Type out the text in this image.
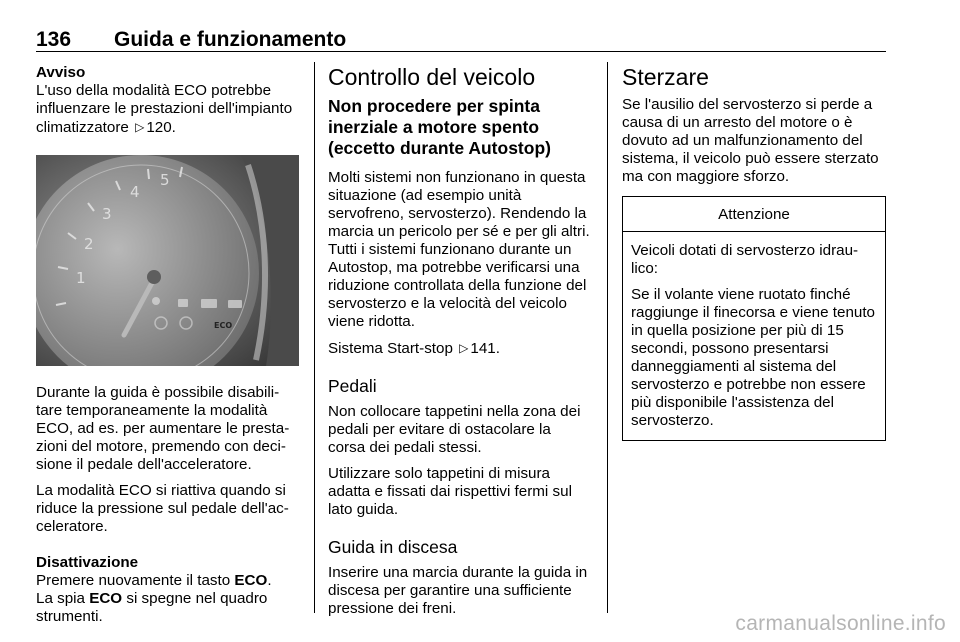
136 Guida e funzionamento

Avviso

L'uso della modalità ECO potrebbe influenzare le prestazioni dell'impianto climatizzatore ▷ 120.

1
2
3
4
5
ECO

Durante la guida è possibile disabilitare temporaneamente la modalità ECO, ad es. per aumentare le prestazioni del motore, premendo con decisione il pedale dell'acceleratore.

La modalità ECO si riattiva quando si riduce la pressione sul pedale dell'acceleratore.

Disattivazione

Premere nuovamente il tasto ECO.
La spia ECO si spegne nel quadro strumenti.

Controllo del veicolo
Non procedere per spinta inerziale a motore spento (eccetto durante Autostop)

Molti sistemi non funzionano in questa situazione (ad esempio unità servofreno, servosterzo). Rendendo la marcia un pericolo per sé e per gli altri. Tutti i sistemi funzionano durante un Autostop, ma potrebbe verificarsi una riduzione controllata della funzione del servosterzo e la velocità del veicolo viene ridotta.

Sistema Start-stop ▷ 141.

Pedali

Non collocare tappetini nella zona dei pedali per evitare di ostacolare la corsa dei pedali stessi.

Utilizzare solo tappetini di misura adatta e fissati dai rispettivi fermi sul lato guida.

Guida in discesa

Inserire una marcia durante la guida in discesa per garantire una sufficiente pressione dei freni.

Sterzare

Se l'ausilio del servosterzo si perde a causa di un arresto del motore o è dovuto ad un malfunzionamento del sistema, il veicolo può essere sterzato ma con maggiore sforzo.

Attenzione

Veicoli dotati di servosterzo idraulico:

Se il volante viene ruotato finché raggiunge il finecorsa e viene tenuto in quella posizione per più di 15 secondi, possono presentarsi danneggiamenti al sistema del servosterzo e potrebbe non essere più disponibile l'assistenza del servosterzo.

carmanualsonline.info
